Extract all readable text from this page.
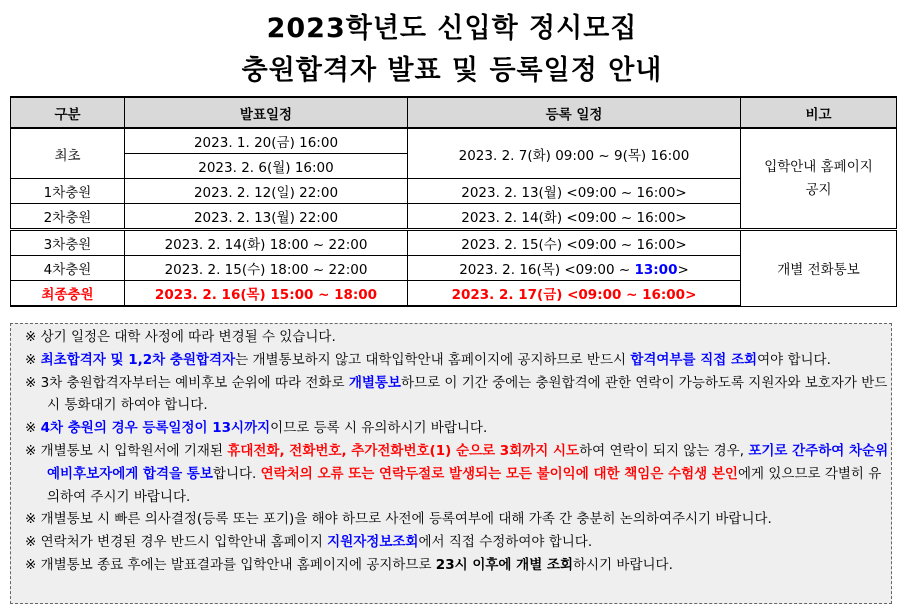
2023학년도 신입학 정시모집
충원합격자 발표 및 등록일정 안내
구분	발표일정	등록 일정	비고
최초	2023. 1. 20(금) 16:00	2023. 2. 7(화) 09:00 ~ 9(목) 16:00	입학안내 홈페이지
공지

	2023. 2. 6(월) 16:00		
1차충원	2023. 2. 12(일) 22:00	2023. 2. 13(월) <09:00 ~ 16:00>	
2차충원	2023. 2. 13(월) 22:00	2023. 2. 14(화) <09:00 ~ 16:00>	
3차충원	2023. 2. 14(화) 18:00 ~ 22:00	2023. 2. 15(수) <09:00 ~ 16:00>	개별 전화통보
4차충원	2023. 2. 15(수) 18:00 ~ 22:00	2023. 2. 16(목) <09:00 ~ 13:00>	
최종충원	2023. 2. 16(목) 15:00 ~ 18:00	2023. 2. 17(금) <09:00 ~ 16:00>	
※ 상기 일정은 대학 사정에 따라 변경될 수 있습니다.
※ 최초합격자 및 1,2차 충원합격자는 개별통보하지 않고 대학입학안내 홈페이지에 공지하므로 반드시 합격여부를 직접 조회여야 합니다.
※ 3차 충원합격자부터는 예비후보 순위에 따라 전화로 개별통보하므로 이 기간 중에는 충원합격에 관한 연락이 가능하도록 지원자와 보호자가 반드시 통화대기 하여야 합니다.
※ 4차 충원의 경우 등록일정이 13시까지이므로 등록 시 유의하시기 바랍니다.
※ 개별통보 시 입학원서에 기재된 휴대전화, 전화번호, 추가전화번호(1) 순으로 3회까지 시도하여 연락이 되지 않는 경우, 포기로 간주하여 차순위 예비후보자에게 합격을 통보합니다. 연락처의 오류 또는 연락두절로 발생되는 모든 불이익에 대한 책임은 수험생 본인에게 있으므로 각별히 유의하여 주시기 바랍니다.
※ 개별통보 시 빠른 의사결정(등록 또는 포기)을 해야 하므로 사전에 등록여부에 대해 가족 간 충분히 논의하여주시기 바랍니다.
※ 연락처가 변경된 경우 반드시 입학안내 홈페이지 지원자정보조회에서 직접 수정하여야 합니다.
※ 개별통보 종료 후에는 발표결과를 입학안내 홈페이지에 공지하므로 23시 이후에 개별 조회하시기 바랍니다.
